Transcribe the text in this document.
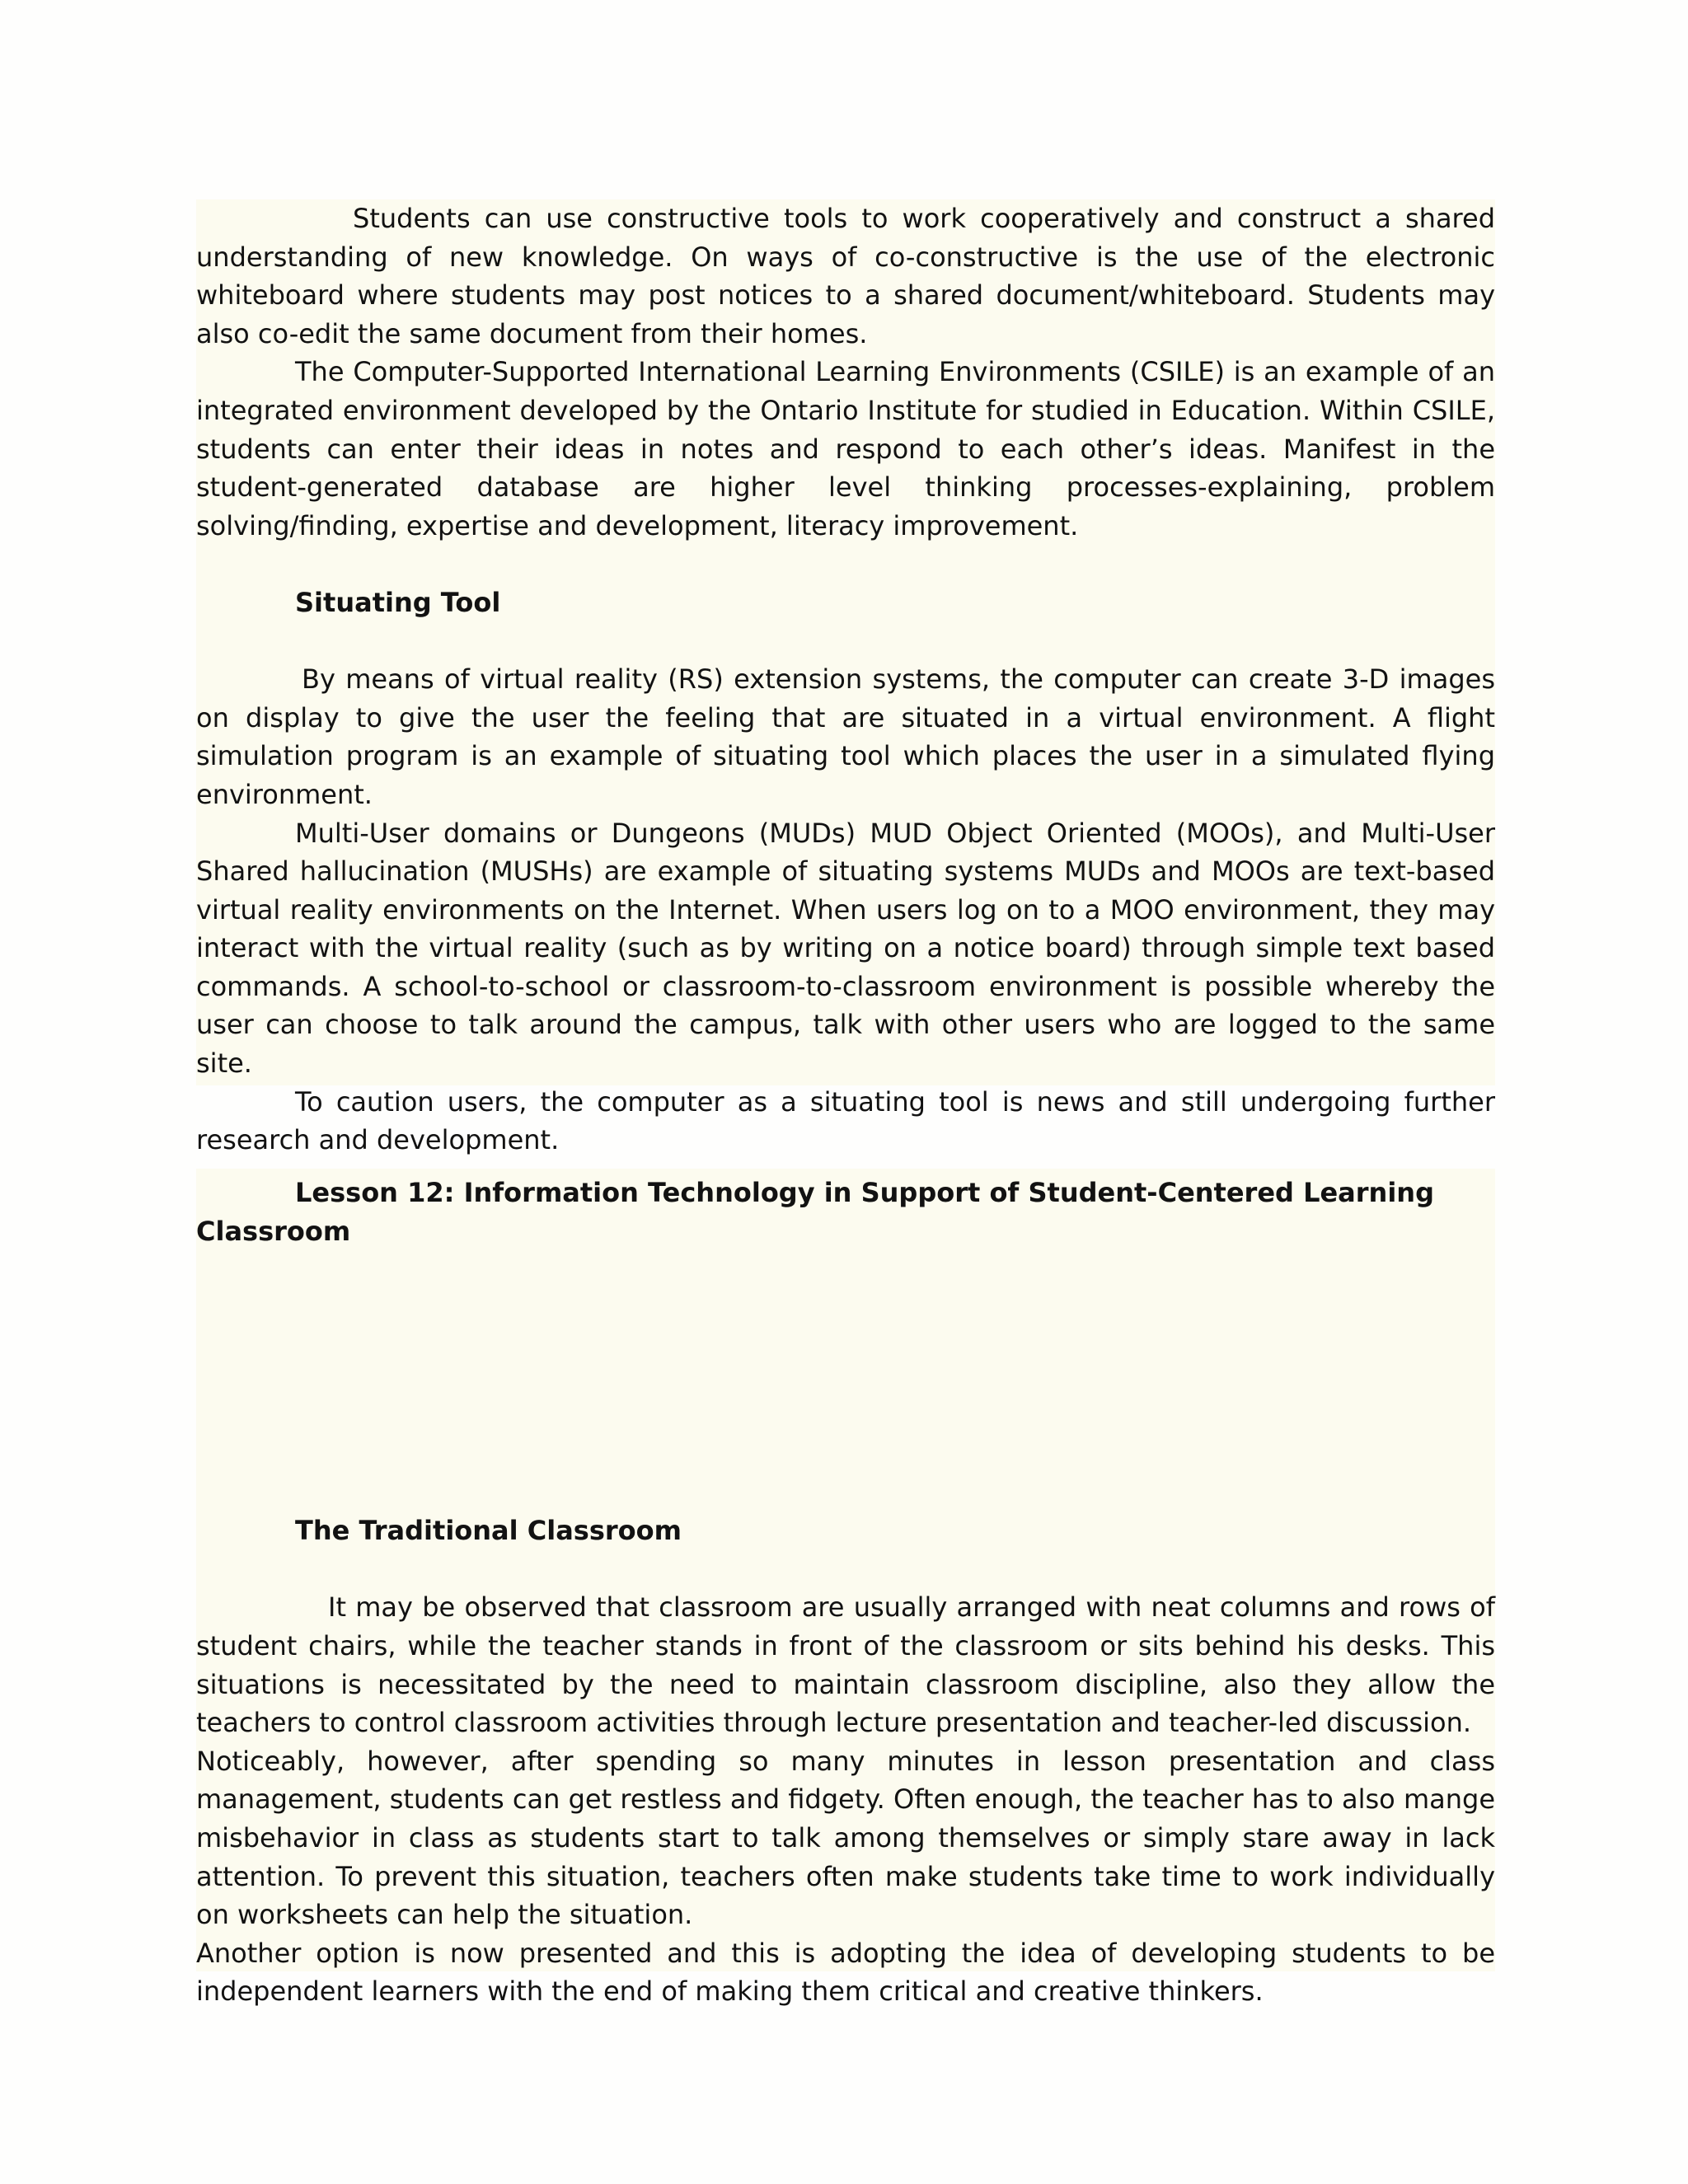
Students can use constructive tools to work cooperatively and construct a shared understanding of new knowledge. On ways of co-constructive is the use of the electronic whiteboard where students may post notices to a shared document/whiteboard. Students may also co-edit the same document from their homes.

The Computer-Supported International Learning Environments (CSILE) is an example of an integrated environment developed by the Ontario Institute for studied in Education. Within CSILE, students can enter their ideas in notes and respond to each other’s ideas. Manifest in the student-generated database are higher level thinking processes-explaining, problem solving/finding, expertise and development, literacy improvement.

Situating Tool

By means of virtual reality (RS) extension systems, the computer can create 3-D images on display to give the user the feeling that are situated in a virtual environment. A flight simulation program is an example of situating tool which places the user in a simulated flying environment.

Multi-User domains or Dungeons (MUDs) MUD Object Oriented (MOOs), and Multi-User Shared hallucination (MUSHs) are example of situating systems MUDs and MOOs are text-based virtual reality environments on the Internet. When users log on to a MOO environment, they may interact with the virtual reality (such as by writing on a notice board) through simple text based commands. A school-to-school or classroom-to-classroom environment is possible whereby the user can choose to talk around the campus, talk with other users who are logged to the same site.

To caution users, the computer as a situating tool is news and still undergoing further research and development.

Lesson 12: Information Technology in Support of Student-Centered Learning Classroom

The Traditional Classroom

It may be observed that classroom are usually arranged with neat columns and rows of student chairs, while the teacher stands in front of the classroom or sits behind his desks. This situations is necessitated by the need to maintain classroom discipline, also they allow the teachers to control classroom activities through lecture presentation and teacher-led discussion.

Noticeably, however, after spending so many minutes in lesson presentation and class management, students can get restless and fidgety. Often enough, the teacher has to also mange misbehavior in class as students start to talk among themselves or simply stare away in lack attention. To prevent this situation, teachers often make students take time to work individually on worksheets can help the situation.

Another option is now presented and this is adopting the idea of developing students to be independent learners with the end of making them critical and creative thinkers.
